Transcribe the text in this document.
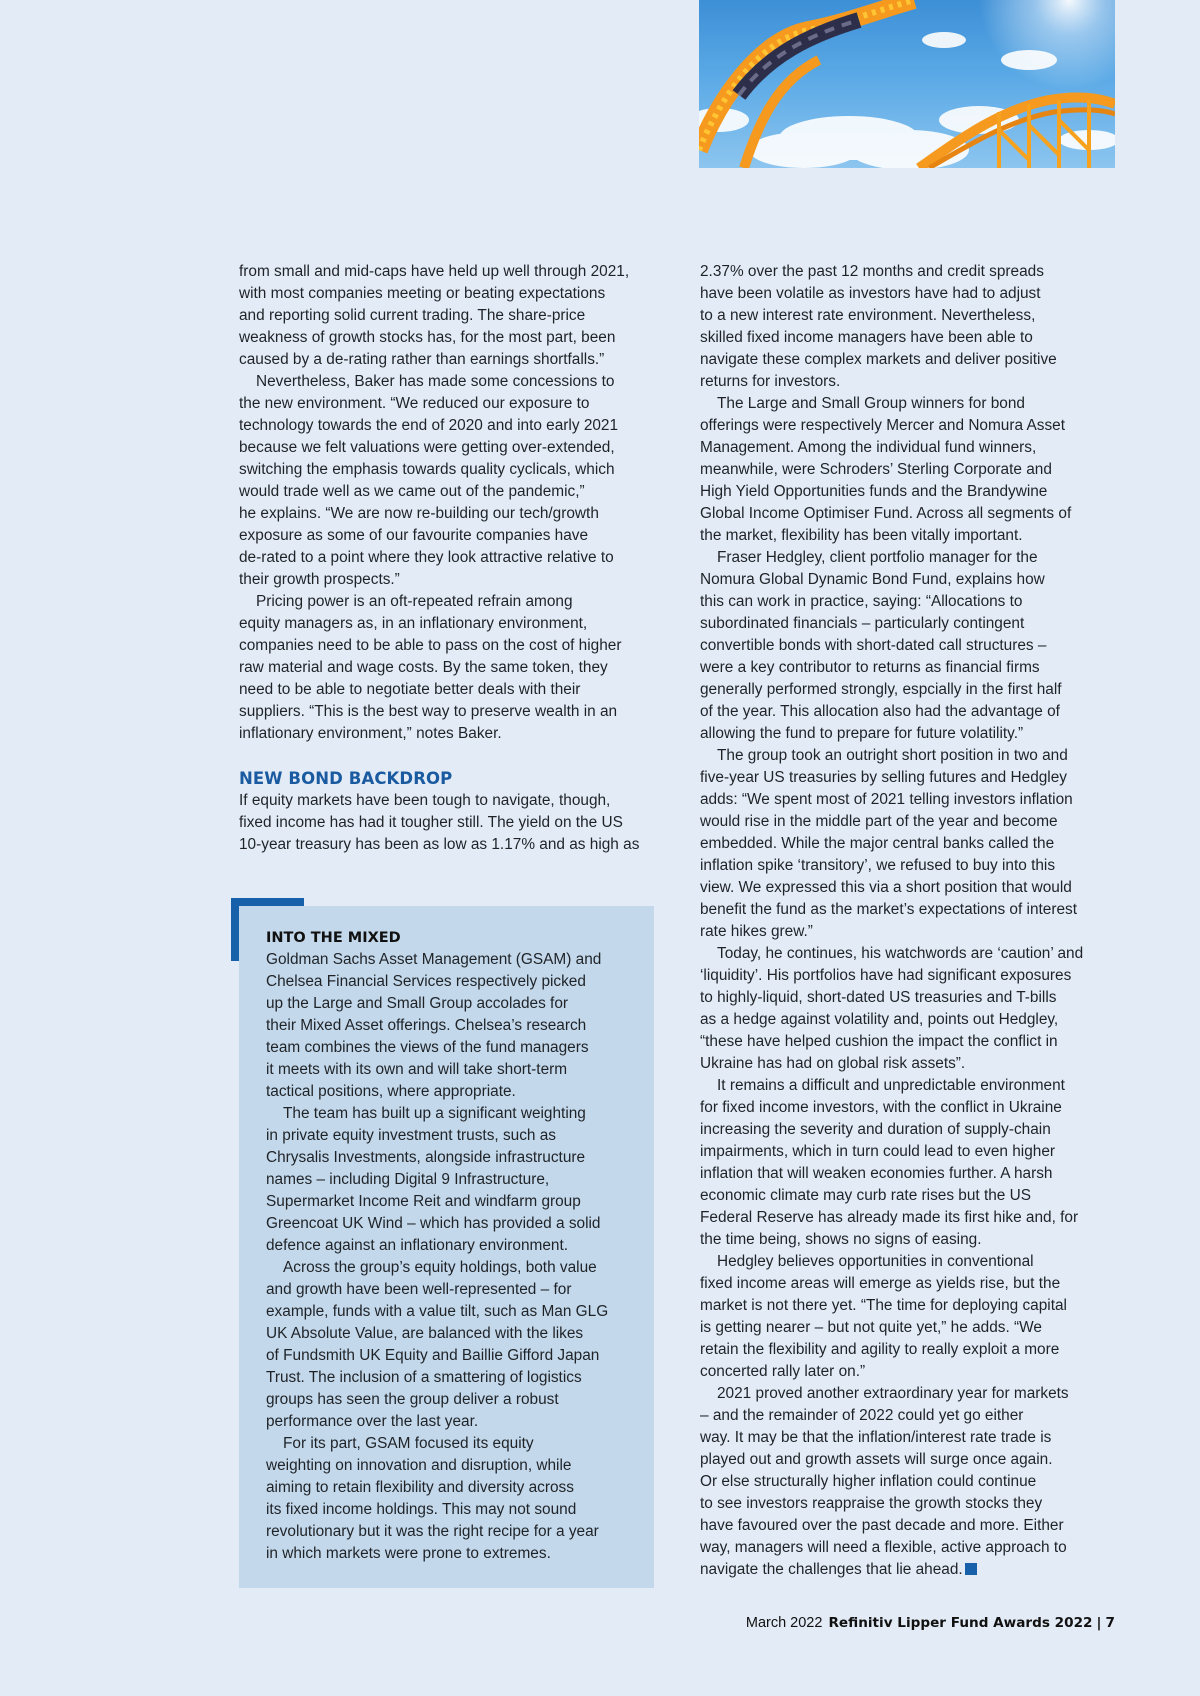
from small and mid-caps have held up well through 2021,

with most companies meeting or beating expectations

and reporting solid current trading. The share-price

weakness of growth stocks has, for the most part, been

caused by a de-rating rather than earnings shortfalls.”

Nevertheless, Baker has made some concessions to

the new environment. “We reduced our exposure to

technology towards the end of 2020 and into early 2021

because we felt valuations were getting over-extended,

switching the emphasis towards quality cyclicals, which

would trade well as we came out of the pandemic,”

he explains. “We are now re-building our tech/growth

exposure as some of our favourite companies have

de-rated to a point where they look attractive relative to

their growth prospects.”

Pricing power is an oft-repeated refrain among

equity managers as, in an inflationary environment,

companies need to be able to pass on the cost of higher

raw material and wage costs. By the same token, they

need to be able to negotiate better deals with their

suppliers. “This is the best way to preserve wealth in an

inflationary environment,” notes Baker.

NEW BOND BACKDROP

If equity markets have been tough to navigate, though,

fixed income has had it tougher still. The yield on the US

10-year treasury has been as low as 1.17% and as high as

INTO THE MIXED

Goldman Sachs Asset Management (GSAM) and

Chelsea Financial Services respectively picked

up the Large and Small Group accolades for

their Mixed Asset offerings. Chelsea’s research

team combines the views of the fund managers

it meets with its own and will take short-term

tactical positions, where appropriate.

The team has built up a significant weighting

in private equity investment trusts, such as

Chrysalis Investments, alongside infrastructure

names – including Digital 9 Infrastructure,

Supermarket Income Reit and windfarm group

Greencoat UK Wind – which has provided a solid

defence against an inflationary environment.

Across the group’s equity holdings, both value

and growth have been well-represented – for

example, funds with a value tilt, such as Man GLG

UK Absolute Value, are balanced with the likes

of Fundsmith UK Equity and Baillie Gifford Japan

Trust. The inclusion of a smattering of logistics

groups has seen the group deliver a robust

performance over the last year.

For its part, GSAM focused its equity

weighting on innovation and disruption, while

aiming to retain flexibility and diversity across

its fixed income holdings. This may not sound

revolutionary but it was the right recipe for a year

in which markets were prone to extremes.

2.37% over the past 12 months and credit spreads

have been volatile as investors have had to adjust

to a new interest rate environment. Nevertheless,

skilled fixed income managers have been able to

navigate these complex markets and deliver positive

returns for investors.

The Large and Small Group winners for bond

offerings were respectively Mercer and Nomura Asset

Management. Among the individual fund winners,

meanwhile, were Schroders’ Sterling Corporate and

High Yield Opportunities funds and the Brandywine

Global Income Optimiser Fund. Across all segments of

the market, flexibility has been vitally important.

Fraser Hedgley, client portfolio manager for the

Nomura Global Dynamic Bond Fund, explains how

this can work in practice, saying: “Allocations to

subordinated financials – particularly contingent

convertible bonds with short-dated call structures –

were a key contributor to returns as financial firms

generally performed strongly, espcially in the first half

of the year. This allocation also had the advantage of

allowing the fund to prepare for future volatility.”

The group took an outright short position in two and

five-year US treasuries by selling futures and Hedgley

adds: “We spent most of 2021 telling investors inflation

would rise in the middle part of the year and become

embedded. While the major central banks called the

inflation spike ‘transitory’, we refused to buy into this

view. We expressed this via a short position that would

benefit the fund as the market’s expectations of interest

rate hikes grew.”

Today, he continues, his watchwords are ‘caution’ and

‘liquidity’. His portfolios have had significant exposures

to highly-liquid, short-dated US treasuries and T-bills

as a hedge against volatility and, points out Hedgley,

“these have helped cushion the impact the conflict in

Ukraine has had on global risk assets”.

It remains a difficult and unpredictable environment

for fixed income investors, with the conflict in Ukraine

increasing the severity and duration of supply-chain

impairments, which in turn could lead to even higher

inflation that will weaken economies further. A harsh

economic climate may curb rate rises but the US

Federal Reserve has already made its first hike and, for

the time being, shows no signs of easing.

Hedgley believes opportunities in conventional

fixed income areas will emerge as yields rise, but the

market is not there yet. “The time for deploying capital

is getting nearer – but not quite yet,” he adds. “We

retain the flexibility and agility to really exploit a more

concerted rally later on.”

2021 proved another extraordinary year for markets

– and the remainder of 2022 could yet go either

way. It may be that the inflation/interest rate trade is

played out and growth assets will surge once again.

Or else structurally higher inflation could continue

to see investors reappraise the growth stocks they

have favoured over the past decade and more. Either

way, managers will need a flexible, active approach to

navigate the challenges that lie ahead.

March 2022 Refinitiv Lipper Fund Awards 2022 | 7
